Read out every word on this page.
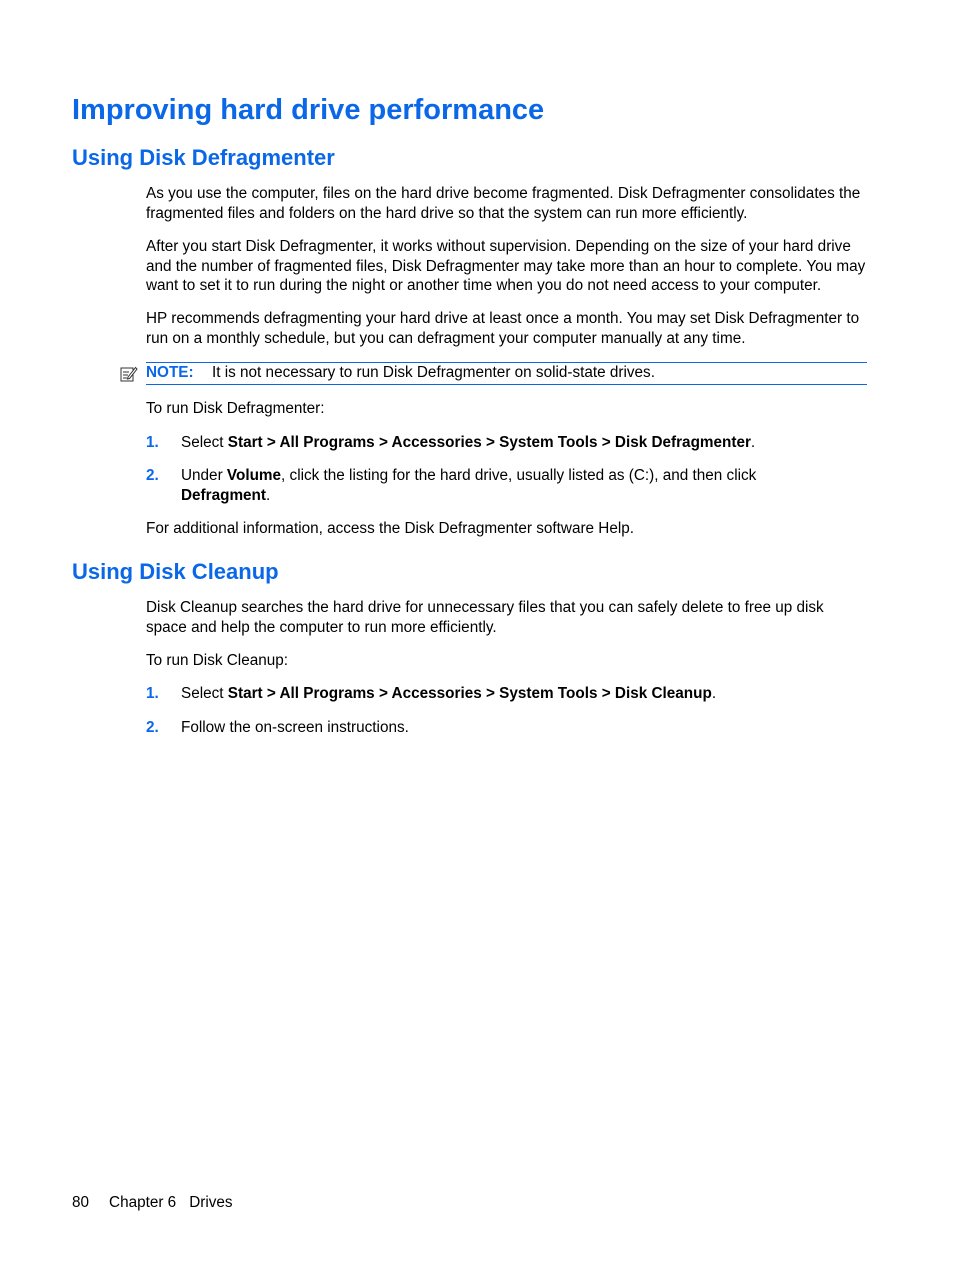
Improving hard drive performance
Using Disk Defragmenter

As you use the computer, files on the hard drive become fragmented. Disk Defragmenter consolidates the fragmented files and folders on the hard drive so that the system can run more efficiently.

After you start Disk Defragmenter, it works without supervision. Depending on the size of your hard drive and the number of fragmented files, Disk Defragmenter may take more than an hour to complete. You may want to set it to run during the night or another time when you do not need access to your computer.

HP recommends defragmenting your hard drive at least once a month. You may set Disk Defragmenter to run on a monthly schedule, but you can defragment your computer manually at any time.

NOTE: It is not necessary to run Disk Defragmenter on solid-state drives.

To run Disk Defragmenter:

1. Select Start > All Programs > Accessories > System Tools > Disk Defragmenter.
2. Under Volume, click the listing for the hard drive, usually listed as (C:), and then click Defragment.

For additional information, access the Disk Defragmenter software Help.

Using Disk Cleanup

Disk Cleanup searches the hard drive for unnecessary files that you can safely delete to free up disk space and help the computer to run more efficiently.

To run Disk Cleanup:

1. Select Start > All Programs > Accessories > System Tools > Disk Cleanup.
2. Follow the on-screen instructions.
80 Chapter 6 Drives
